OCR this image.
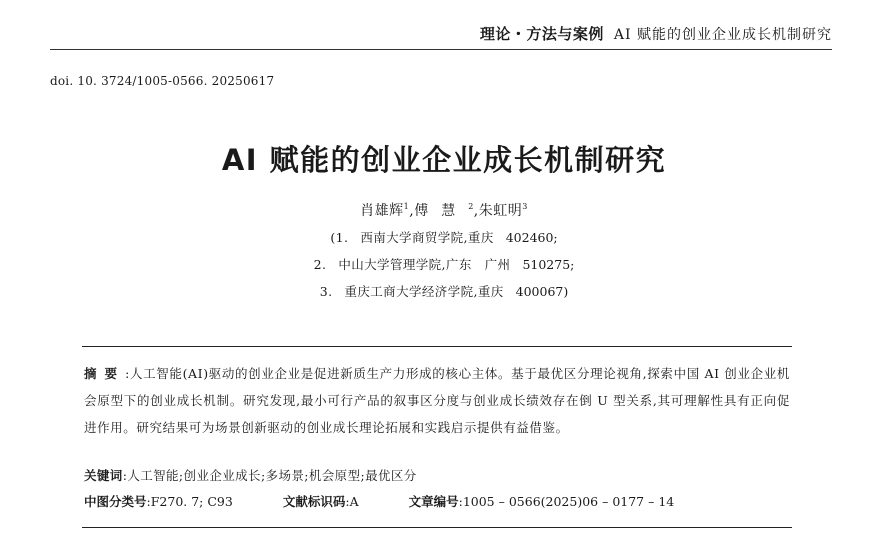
理论・方法与案例 AI 赋能的创业企业成长机制研究
doi. 10. 3724/1005-0566. 20250617
AI 赋能的创业企业成长机制研究
肖雄辉$^1$,傅慧$^2$,朱虹明$^3$
(1. 西南大学商贸学院,重庆 402460;
2. 中山大学管理学院,广东　广州 510275;
3. 重庆工商大学经济学院,重庆 400067)
摘要:人工智能(AI)驱动的创业企业是促进新质生产力形成的核心主体。基于最优区分理论视角,探索中国 AI 创业企业机会原型下的创业成长机制。研究发现,最小可行产品的叙事区分度与创业成长绩效存在倒 U 型关系,其可理解性具有正向促进作用。研究结果可为场景创新驱动的创业成长理论拓展和实践启示提供有益借鉴。
关键词:人工智能;创业企业成长;多场景;机会原型;最优区分
中图分类号:F270. 7; C93	文献标识码:A	文章编号:1005 – 0566(2025)06 – 0177 – 14
